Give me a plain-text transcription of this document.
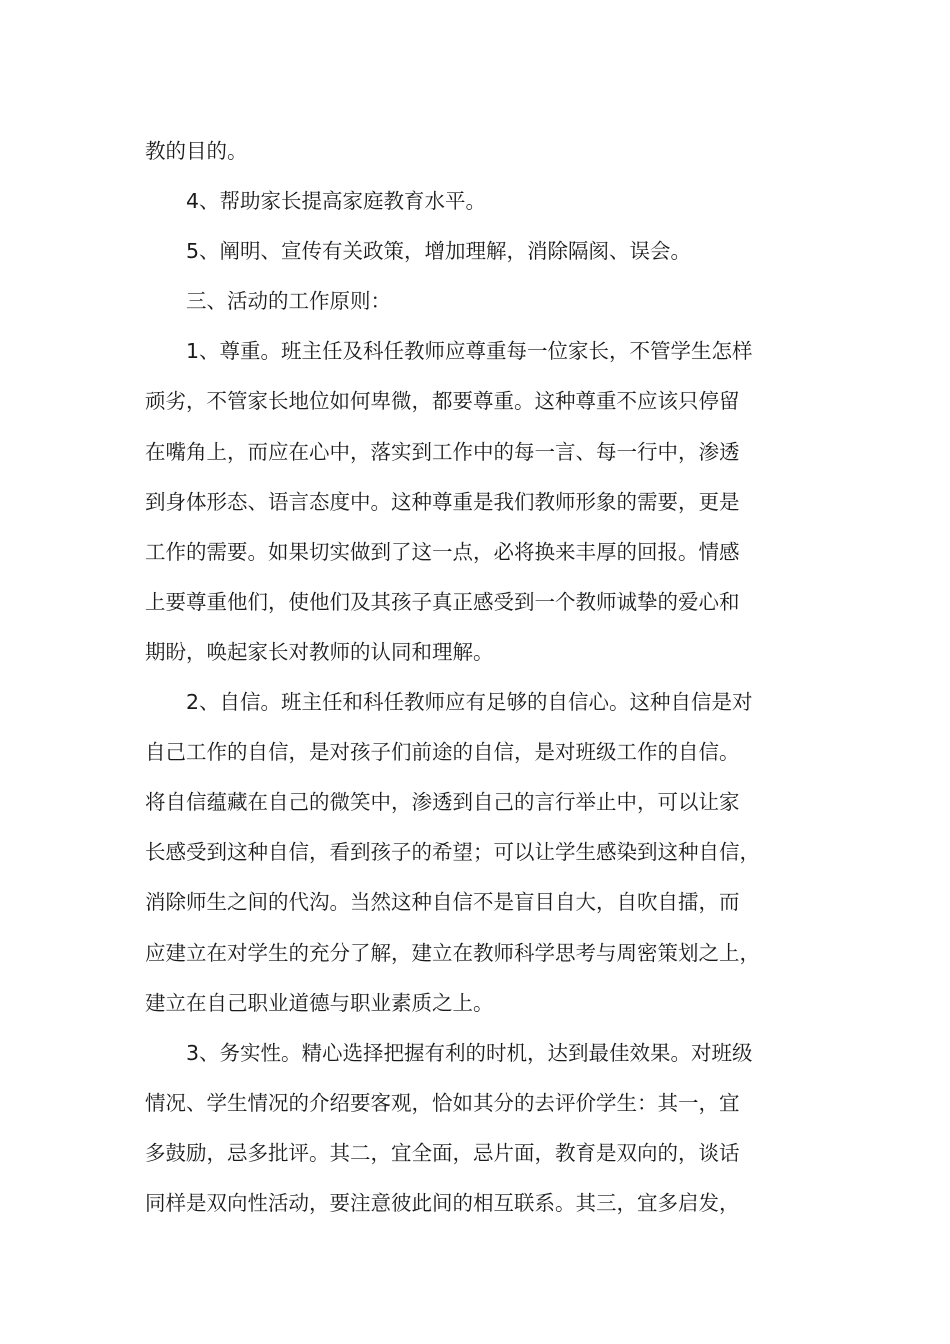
教的目的。
4、帮助家长提高家庭教育水平。
5、阐明、宣传有关政策，增加理解，消除隔阂、误会。
三、活动的工作原则：
1、尊重。班主任及科任教师应尊重每一位家长，不管学生怎样
顽劣，不管家长地位如何卑微，都要尊重。这种尊重不应该只停留
在嘴角上，而应在心中，落实到工作中的每一言、每一行中，渗透
到身体形态、语言态度中。这种尊重是我们教师形象的需要，更是
工作的需要。如果切实做到了这一点，必将换来丰厚的回报。情感
上要尊重他们，使他们及其孩子真正感受到一个教师诚挚的爱心和
期盼，唤起家长对教师的认同和理解。
2、自信。班主任和科任教师应有足够的自信心。这种自信是对
自己工作的自信，是对孩子们前途的自信，是对班级工作的自信。
将自信蕴藏在自己的微笑中，渗透到自己的言行举止中，可以让家
长感受到这种自信，看到孩子的希望；可以让学生感染到这种自信，
消除师生之间的代沟。当然这种自信不是盲目自大，自吹自擂，而
应建立在对学生的充分了解，建立在教师科学思考与周密策划之上，
建立在自己职业道德与职业素质之上。
3、务实性。精心选择把握有利的时机，达到最佳效果。对班级
情况、学生情况的介绍要客观，恰如其分的去评价学生：其一，宜
多鼓励，忌多批评。其二，宜全面，忌片面，教育是双向的，谈话
同样是双向性活动，要注意彼此间的相互联系。其三，宜多启发，
